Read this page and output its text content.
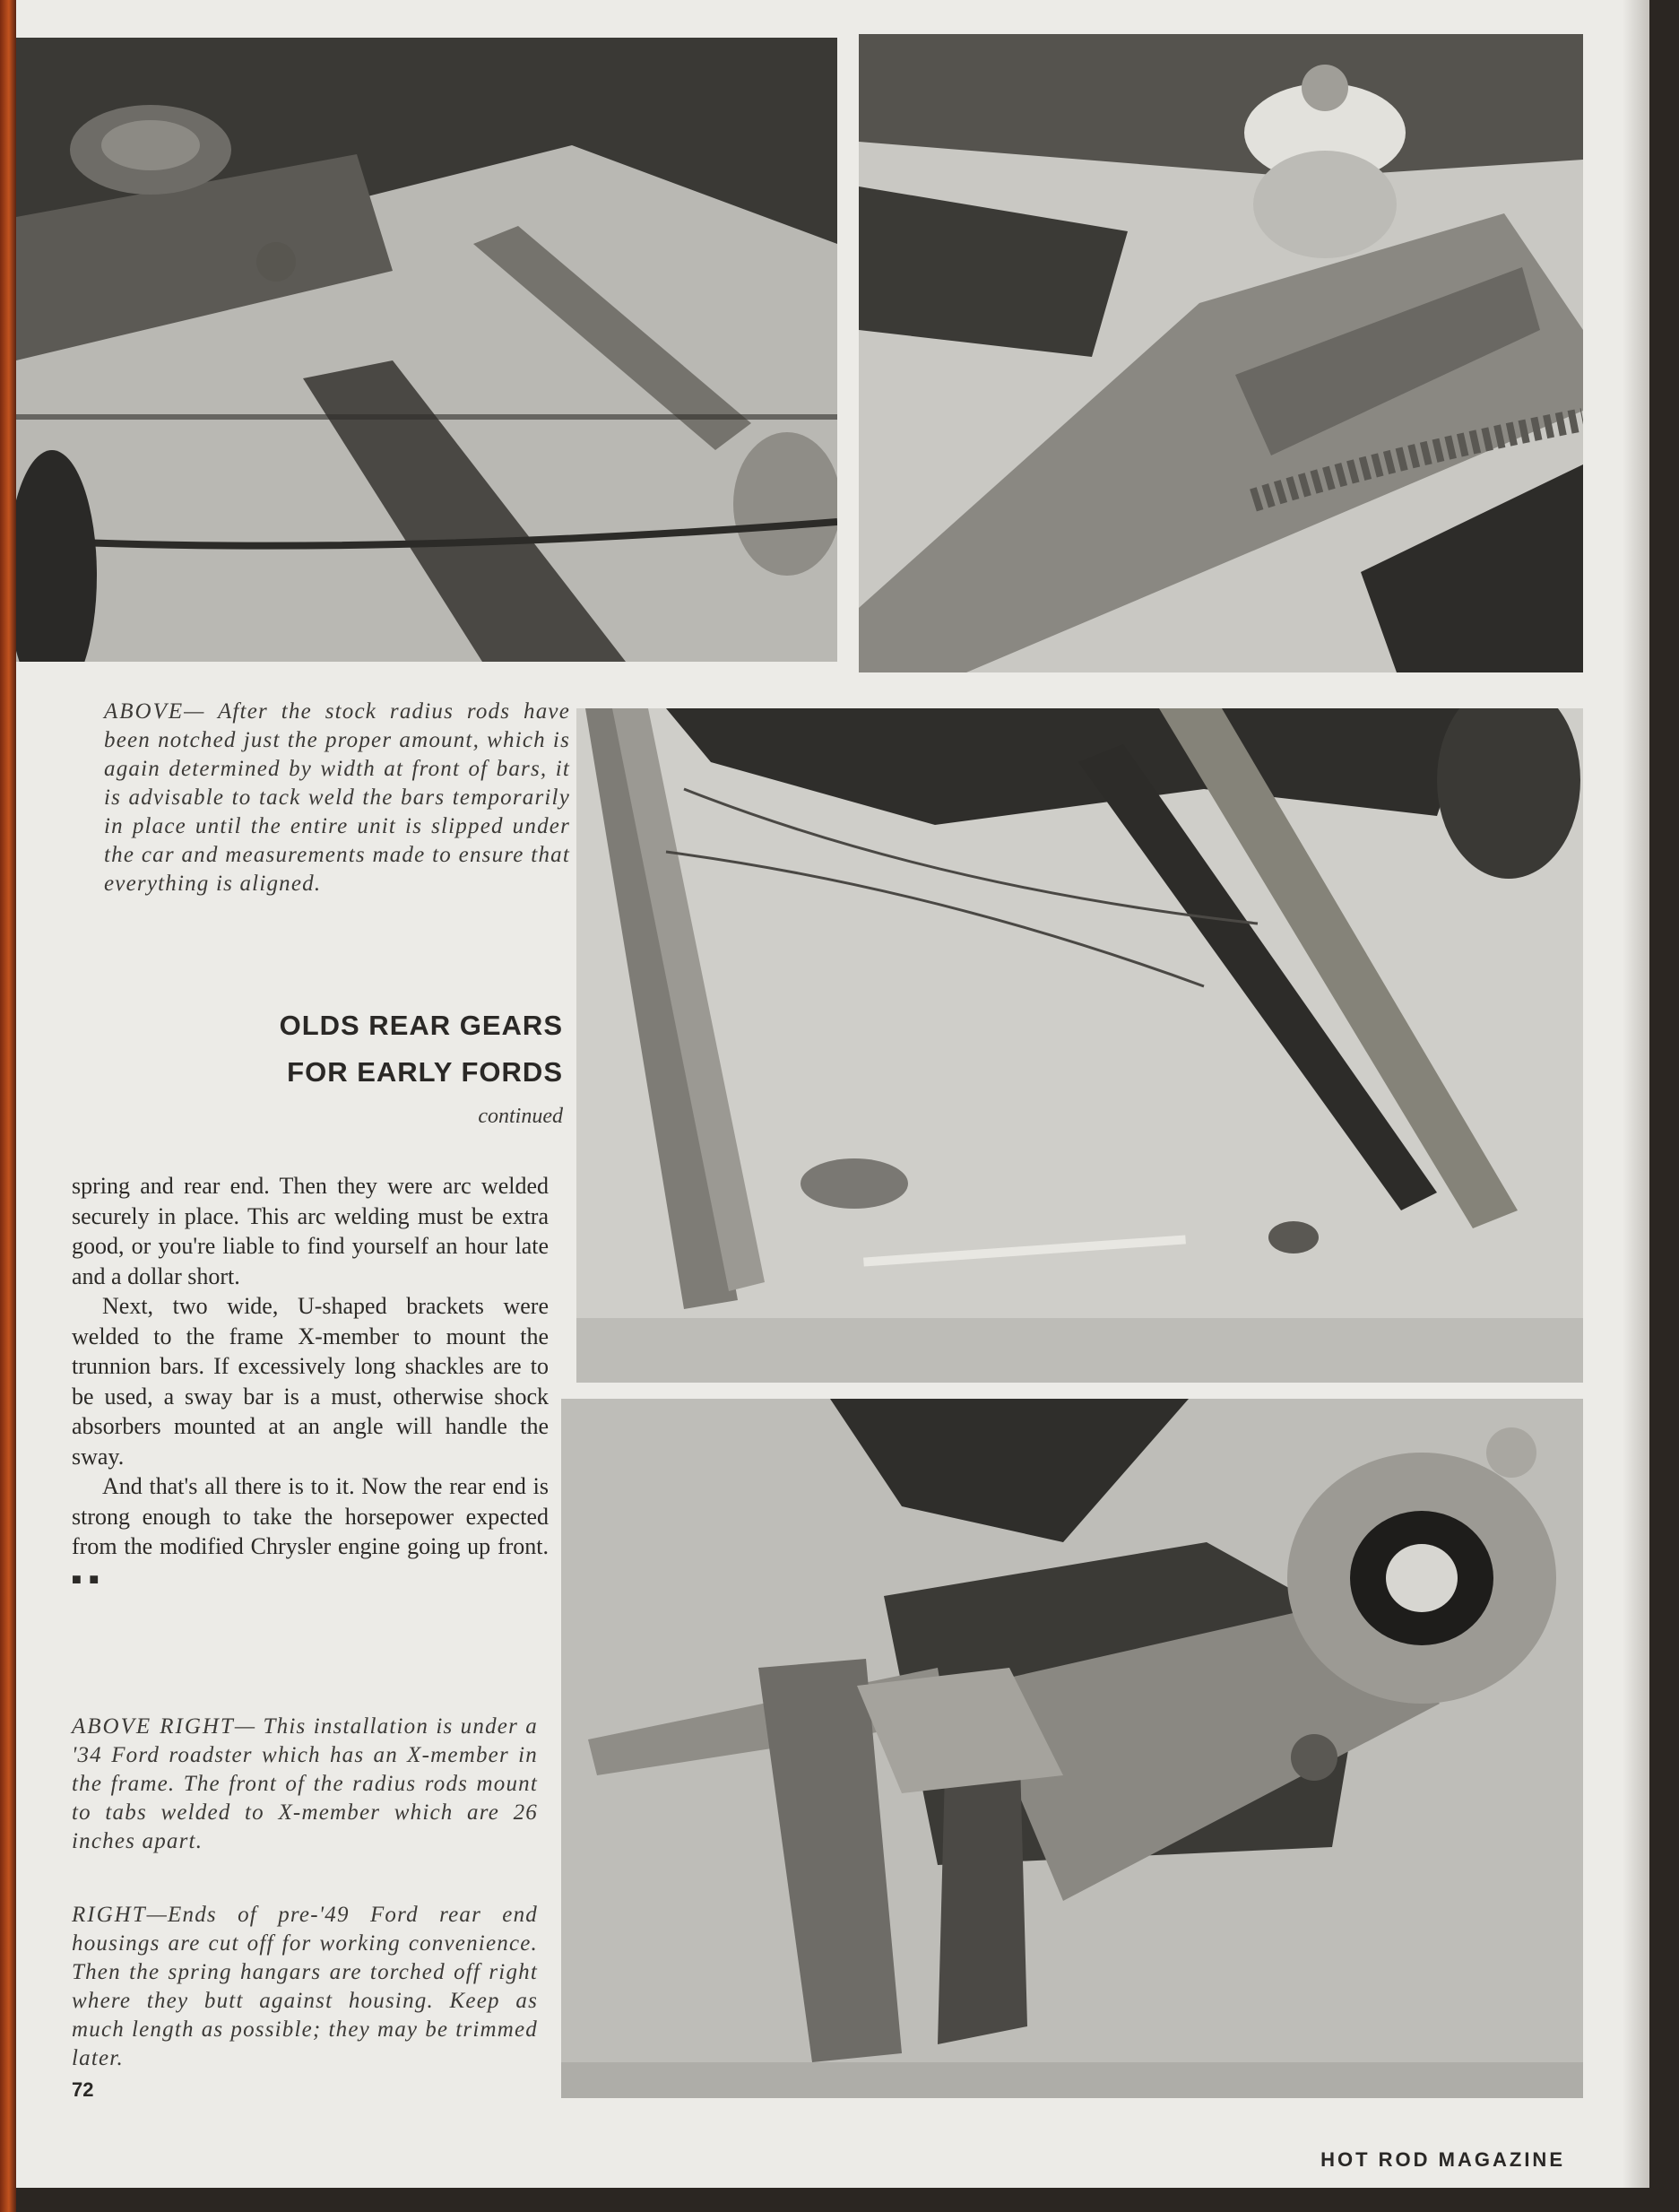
ABOVE— After the stock radius rods have been notched just the proper amount, which is again determined by width at front of bars, it is advisable to tack weld the bars temporarily in place until the entire unit is slipped under the car and measurements made to ensure that everything is aligned.
OLDS REAR GEARS
FOR EARLY FORDS
continued

spring and rear end. Then they were arc welded securely in place. This arc welding must be extra good, or you're liable to find yourself an hour late and a dollar short.

Next, two wide, U-shaped brackets were welded to the frame X-member to mount the trunnion bars. If excessively long shackles are to be used, a sway bar is a must, otherwise shock absorbers mounted at an angle will handle the sway.

And that's all there is to it. Now the rear end is strong enough to take the horsepower expected from the modified Chrysler engine going up front. ■ ■

ABOVE RIGHT— This installation is under a '34 Ford roadster which has an X-member in the frame. The front of the radius rods mount to tabs welded to X-member which are 26 inches apart.
RIGHT—Ends of pre-'49 Ford rear end housings are cut off for working convenience. Then the spring hangars are torched off right where they butt against housing. Keep as much length as possible; they may be trimmed later.
72
HOT ROD MAGAZINE
